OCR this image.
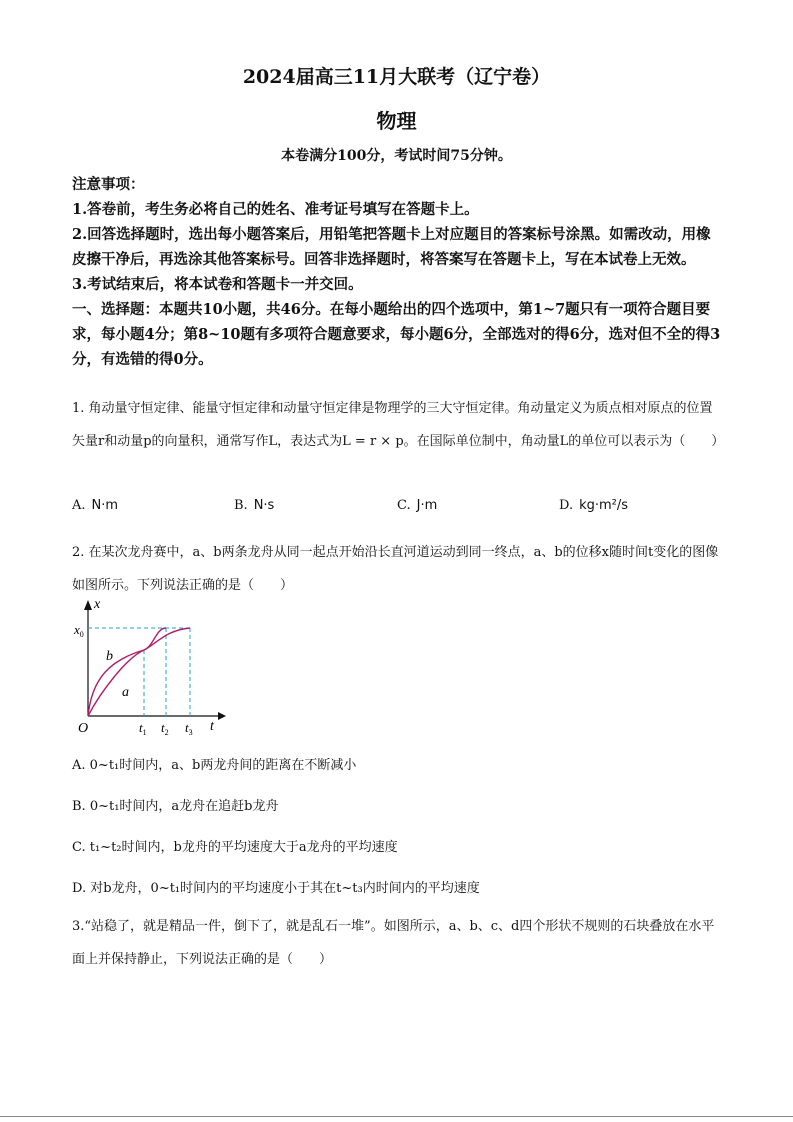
2024届高三11月大联考（辽宁卷）
物理
本卷满分100分，考试时间75分钟。

注意事项：

1.答卷前，考生务必将自己的姓名、准考证号填写在答题卡上。

2.回答选择题时，选出每小题答案后，用铅笔把答题卡上对应题目的答案标号涂黑。如需改动，用橡皮擦干净后，再选涂其他答案标号。回答非选择题时，将答案写在答题卡上，写在本试卷上无效。

3.考试结束后，将本试卷和答题卡一并交回。

一、选择题：本题共10小题，共46分。在每小题给出的四个选项中，第1~7题只有一项符合题目要求，每小题4分；第8~10题有多项符合题意要求，每小题6分，全部选对的得6分，选对但不全的得3分，有选错的得0分。

1. 角动量守恒定律、能量守恒定律和动量守恒定律是物理学的三大守恒定律。角动量定义为质点相对原点的位置矢量r和动量p的向量积，通常写作L，表达式为L = r × p。在国际单位制中，角动量L的单位可以表示为（　　）

A. N·m	B. N·s	C. J·m	D. kg·m²/s

2. 在某次龙舟赛中，a、b两条龙舟从同一起点开始沿长直河道运动到同一终点，a、b的位移x随时间t变化的图像如图所示。下列说法正确的是（　　）

x
$x_0$
b
a
O	$t_1$ $t_2$ $t_3$ t
A. 0~t₁时间内，a、b两龙舟间的距离在不断减小
B. 0~t₁时间内，a龙舟在追赶b龙舟
C. t₁~t₂时间内，b龙舟的平均速度大于a龙舟的平均速度
D. 对b龙舟，0~t₁时间内的平均速度小于其在t~t₃内时间内的平均速度

3.“站稳了，就是精品一件，倒下了，就是乱石一堆”。如图所示，a、b、c、d四个形状不规则的石块叠放在水平面上并保持静止，下列说法正确的是（　　）
